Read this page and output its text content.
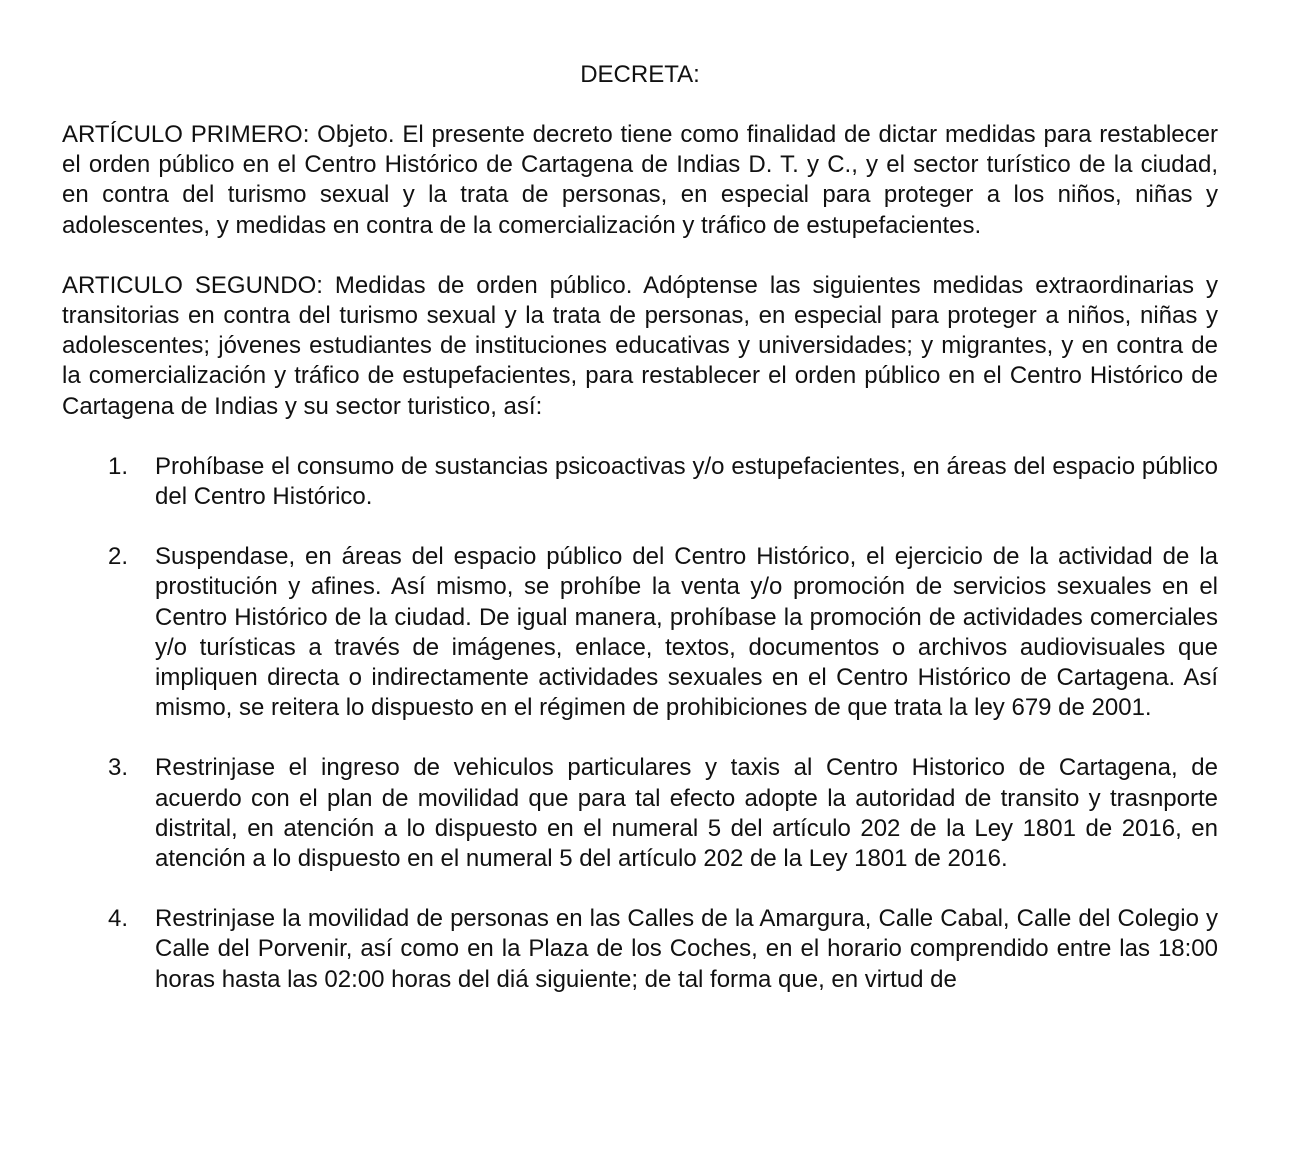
DECRETA:

ARTÍCULO PRIMERO: Objeto. El presente decreto tiene como finalidad de dictar medidas para restablecer el orden público en el Centro Histórico de Cartagena de Indias D. T. y C., y el sector turístico de la ciudad, en contra del turismo sexual y la trata de personas, en especial para proteger a los niños, niñas y adolescentes, y medidas en contra de la comercialización y tráfico de estupefacientes.

ARTICULO SEGUNDO: Medidas de orden público. Adóptense las siguientes medidas extraordinarias y transitorias en contra del turismo sexual y la trata de personas, en especial para proteger a niños, niñas y adolescentes; jóvenes estudiantes de instituciones educativas y universidades; y migrantes, y en contra de la comercialización y tráfico de estupefacientes, para restablecer el orden público en el Centro Histórico de Cartagena de Indias y su sector turistico, así:

1. Prohíbase el consumo de sustancias psicoactivas y/o estupefacientes, en áreas del espacio público del Centro Histórico.
2. Suspendase, en áreas del espacio público del Centro Histórico, el ejercicio de la actividad de la prostitución y afines. Así mismo, se prohíbe la venta y/o promoción de servicios sexuales en el Centro Histórico de la ciudad. De igual manera, prohíbase la promoción de actividades comerciales y/o turísticas a través de imágenes, enlace, textos, documentos o archivos audiovisuales que impliquen directa o indirectamente actividades sexuales en el Centro Histórico de Cartagena. Así mismo, se reitera lo dispuesto en el régimen de prohibiciones de que trata la ley 679 de 2001.
3. Restrinjase el ingreso de vehiculos particulares y taxis al Centro Historico de Cartagena, de acuerdo con el plan de movilidad que para tal efecto adopte la autoridad de transito y trasnporte distrital, en atención a lo dispuesto en el numeral 5 del artículo 202 de la Ley 1801 de 2016, en atención a lo dispuesto en el numeral 5 del artículo 202 de la Ley 1801 de 2016.
4. Restrinjase la movilidad de personas en las Calles de la Amargura, Calle Cabal, Calle del Colegio y Calle del Porvenir, así como en la Plaza de los Coches, en el horario comprendido entre las 18:00 horas hasta las 02:00 horas del diá siguiente; de tal forma que, en virtud de
